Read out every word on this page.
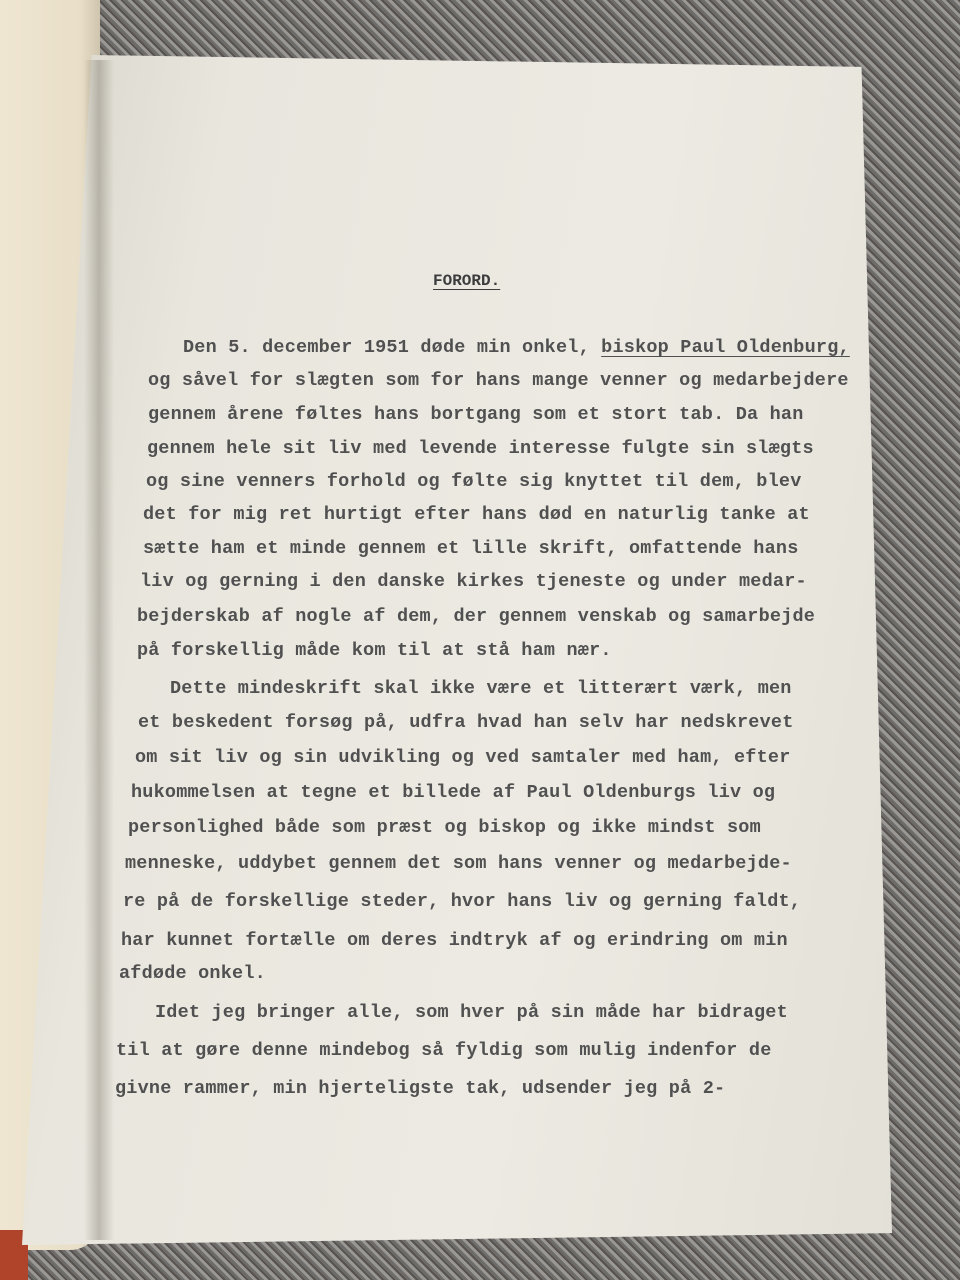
FORORD.
Den 5. december 1951 døde min onkel, biskop Paul Oldenburg,
og såvel for slægten som for hans mange venner og medarbejdere
gennem årene føltes hans bortgang som et stort tab. Da han
gennem hele sit liv med levende interesse fulgte sin slægts
og sine venners forhold og følte sig knyttet til dem, blev
det for mig ret hurtigt efter hans død en naturlig tanke at
sætte ham et minde gennem et lille skrift, omfattende hans
liv og gerning i den danske kirkes tjeneste og under medar-
bejderskab af nogle af dem, der gennem venskab og samarbejde
på forskellig måde kom til at stå ham nær.
Dette mindeskrift skal ikke være et litterært værk, men
et beskedent forsøg på, udfra hvad han selv har nedskrevet
om sit liv og sin udvikling og ved samtaler med ham, efter
hukommelsen at tegne et billede af Paul Oldenburgs liv og
personlighed både som præst og biskop og ikke mindst som
menneske, uddybet gennem det som hans venner og medarbejde-
re på de forskellige steder, hvor hans liv og gerning faldt,
har kunnet fortælle om deres indtryk af og erindring om min
afdøde onkel.
Idet jeg bringer alle, som hver på sin måde har bidraget
til at gøre denne mindebog så fyldig som mulig indenfor de
givne rammer, min hjerteligste tak, udsender jeg på 2-
